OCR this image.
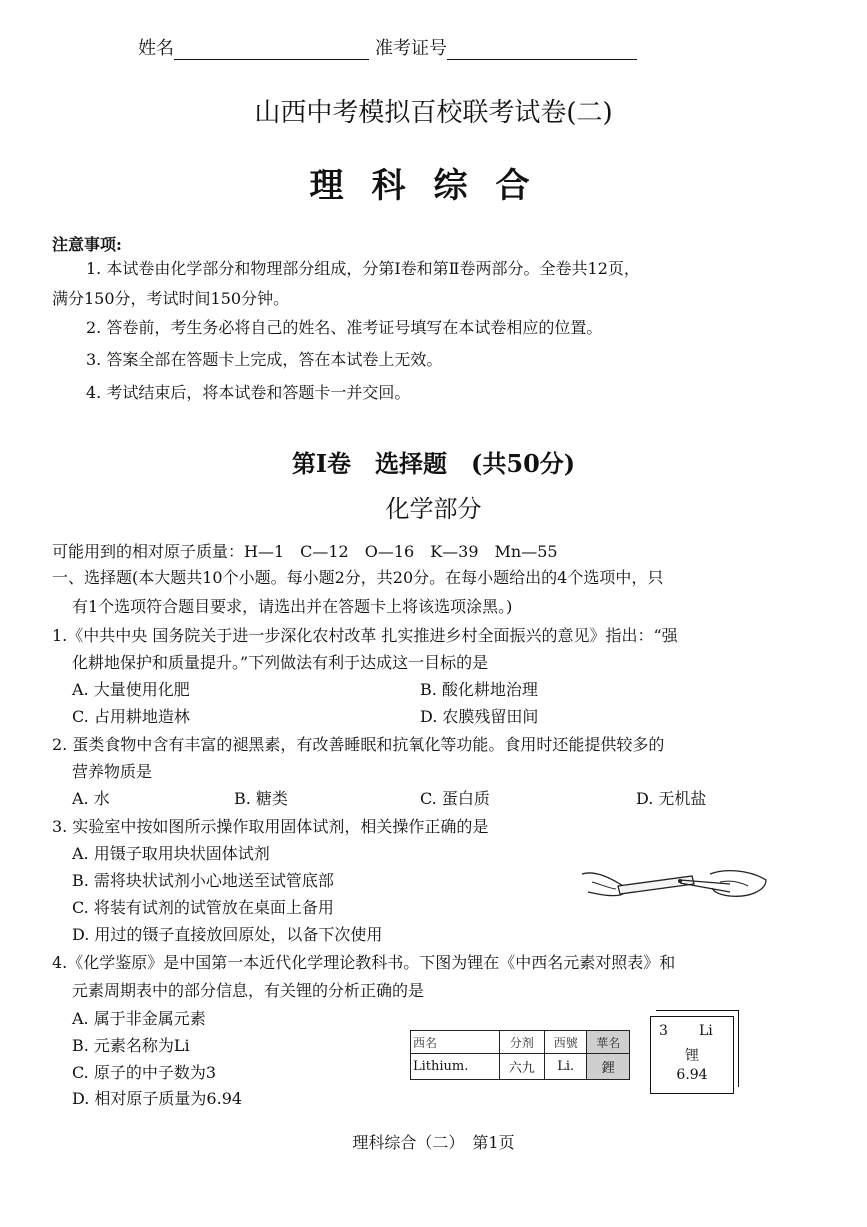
姓名	准考证号
山西中考模拟百校联考试卷(二)
理科综合
注意事项:
1. 本试卷由化学部分和物理部分组成，分第Ⅰ卷和第Ⅱ卷两部分。全卷共12页，
满分150分，考试时间150分钟。
2. 答卷前，考生务必将自己的姓名、准考证号填写在本试卷相应的位置。
3. 答案全部在答题卡上完成，答在本试卷上无效。
4. 考试结束后，将本试卷和答题卡一并交回。
第Ⅰ卷　选择题　(共50分)
化学部分
可能用到的相对原子质量：H—1　C—12　O—16　K—39　Mn—55
一、选择题(本大题共10个小题。每小题2分，共20分。在每小题给出的4个选项中，只
有1个选项符合题目要求，请选出并在答题卡上将该选项涂黑。)
1.《中共中央 国务院关于进一步深化农村改革 扎实推进乡村全面振兴的意见》指出：“强
化耕地保护和质量提升。”下列做法有利于达成这一目标的是
A. 大量使用化肥	B. 酸化耕地治理
C. 占用耕地造林	D. 农膜残留田间
2. 蛋类食物中含有丰富的褪黑素，有改善睡眠和抗氧化等功能。食用时还能提供较多的
营养物质是
A. 水	B. 糖类	C. 蛋白质	D. 无机盐
3. 实验室中按如图所示操作取用固体试剂，相关操作正确的是
A. 用镊子取用块状固体试剂
B. 需将块状试剂小心地送至试管底部
C. 将装有试剂的试管放在桌面上备用
D. 用过的镊子直接放回原处，以备下次使用
4.《化学鉴原》是中国第一本近代化学理论教科书。下图为锂在《中西名元素对照表》和
元素周期表中的部分信息，有关锂的分析正确的是
A. 属于非金属元素
B. 元素名称为Li
C. 原子的中子数为3
D. 相对原子质量为6.94
西名	分剂	西號	華名
Lithium.	六九	Li.	鋰
3 Li
锂
6.94
理科综合（二）　第1页
